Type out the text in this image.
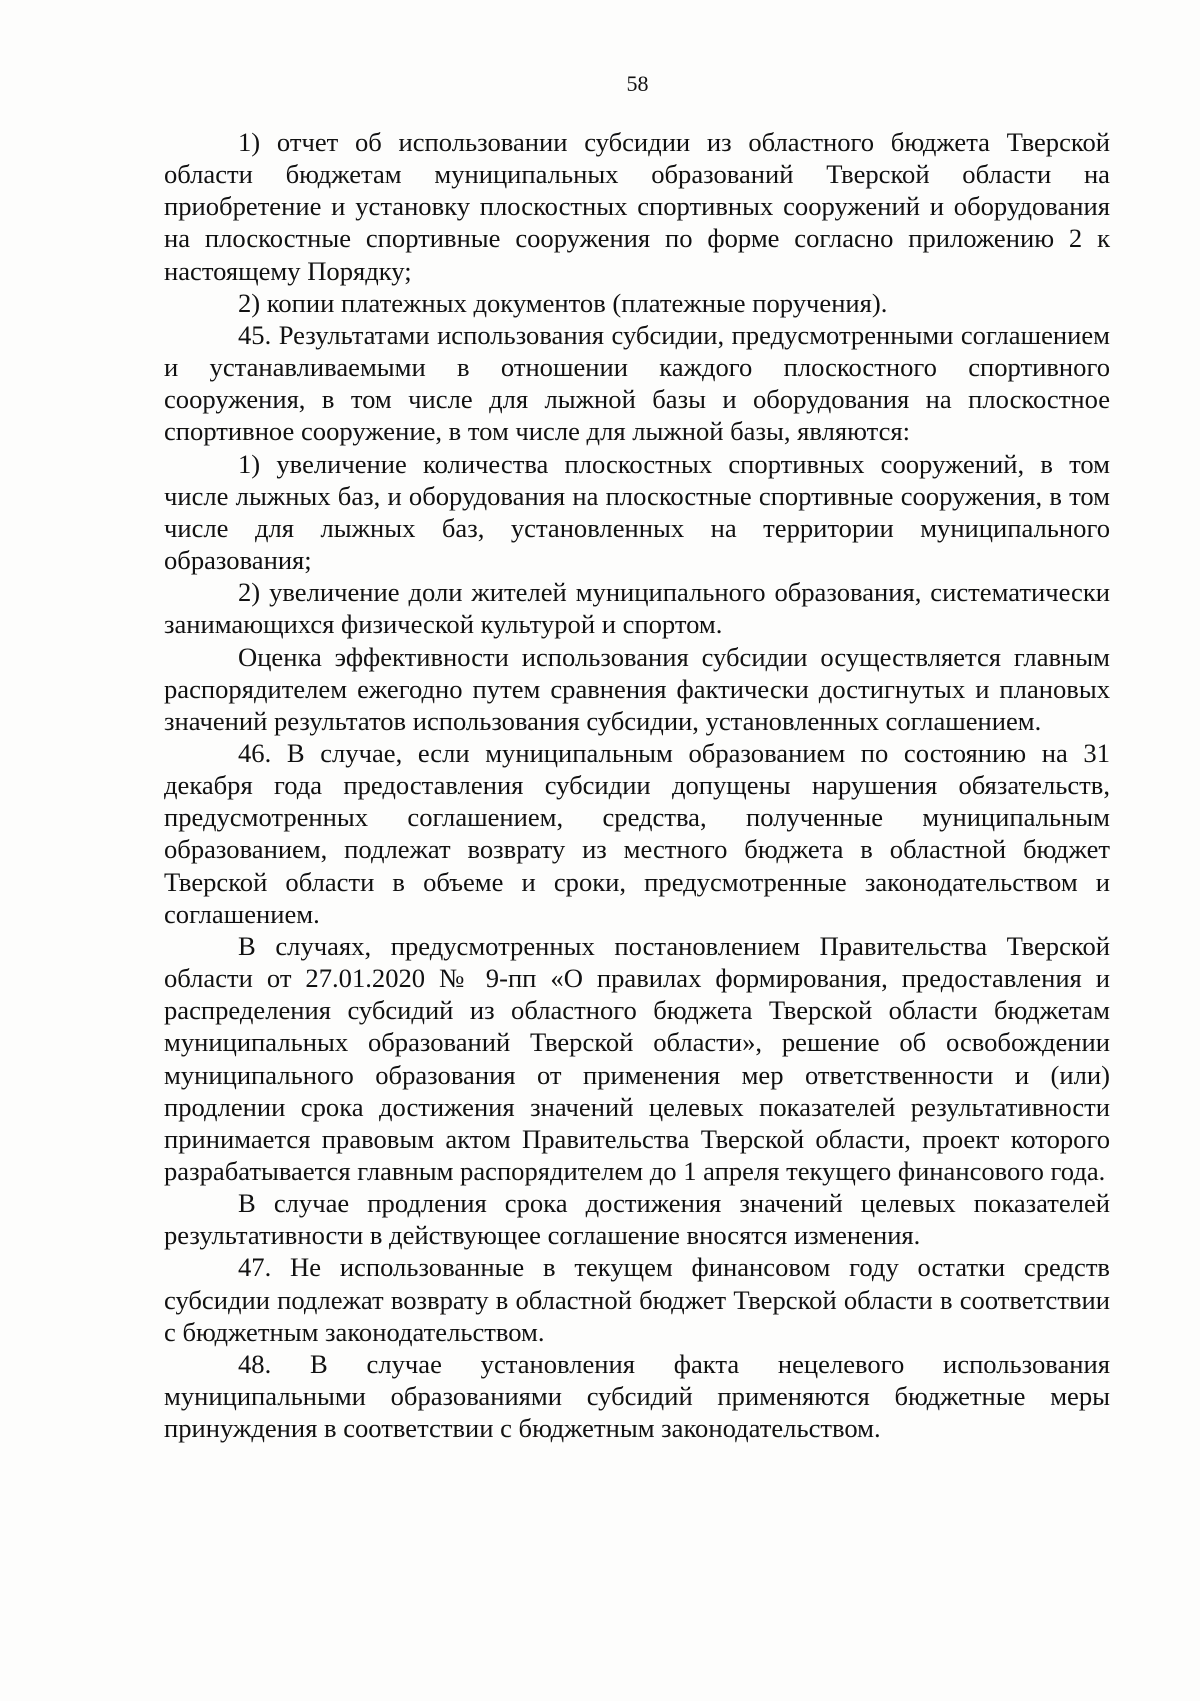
58

1) отчет об использовании субсидии из областного бюджета Тверской области бюджетам муниципальных образований Тверской области на приобретение и установку плоскостных спортивных сооружений и оборудования на плоскостные спортивные сооружения по форме согласно приложению 2 к настоящему Порядку;

2) копии платежных документов (платежные поручения).

45. Результатами использования субсидии, предусмотренными соглашением и устанавливаемыми в отношении каждого плоскостного спортивного сооружения, в том числе для лыжной базы и оборудования на плоскостное спортивное сооружение, в том числе для лыжной базы, являются:

1) увеличение количества плоскостных спортивных сооружений, в том числе лыжных баз, и оборудования на плоскостные спортивные сооружения, в том числе для лыжных баз, установленных на территории муниципального образования;

2) увеличение доли жителей муниципального образования, систематически занимающихся физической культурой и спортом.

Оценка эффективности использования субсидии осуществляется главным распорядителем ежегодно путем сравнения фактически достигнутых и плановых значений результатов использования субсидии, установленных соглашением.

46. В случае, если муниципальным образованием по состоянию на 31 декабря года предоставления субсидии допущены нарушения обязательств, предусмотренных соглашением, средства, полученные муниципальным образованием, подлежат возврату из местного бюджета в областной бюджет Тверской области в объеме и сроки, предусмотренные законодательством и соглашением.

В случаях, предусмотренных постановлением Правительства Тверской области от 27.01.2020 № 9-пп «О правилах формирования, предоставления и распределения субсидий из областного бюджета Тверской области бюджетам муниципальных образований Тверской области», решение об освобождении муниципального образования от применения мер ответственности и (или) продлении срока достижения значений целевых показателей результативности принимается правовым актом Правительства Тверской области, проект которого разрабатывается главным распорядителем до 1 апреля текущего финансового года.

В случае продления срока достижения значений целевых показателей результативности в действующее соглашение вносятся изменения.

47. Не использованные в текущем финансовом году остатки средств субсидии подлежат возврату в областной бюджет Тверской области в соответствии с бюджетным законодательством.

48. В случае установления факта нецелевого использования муниципальными образованиями субсидий применяются бюджетные меры принуждения в соответствии с бюджетным законодательством.
